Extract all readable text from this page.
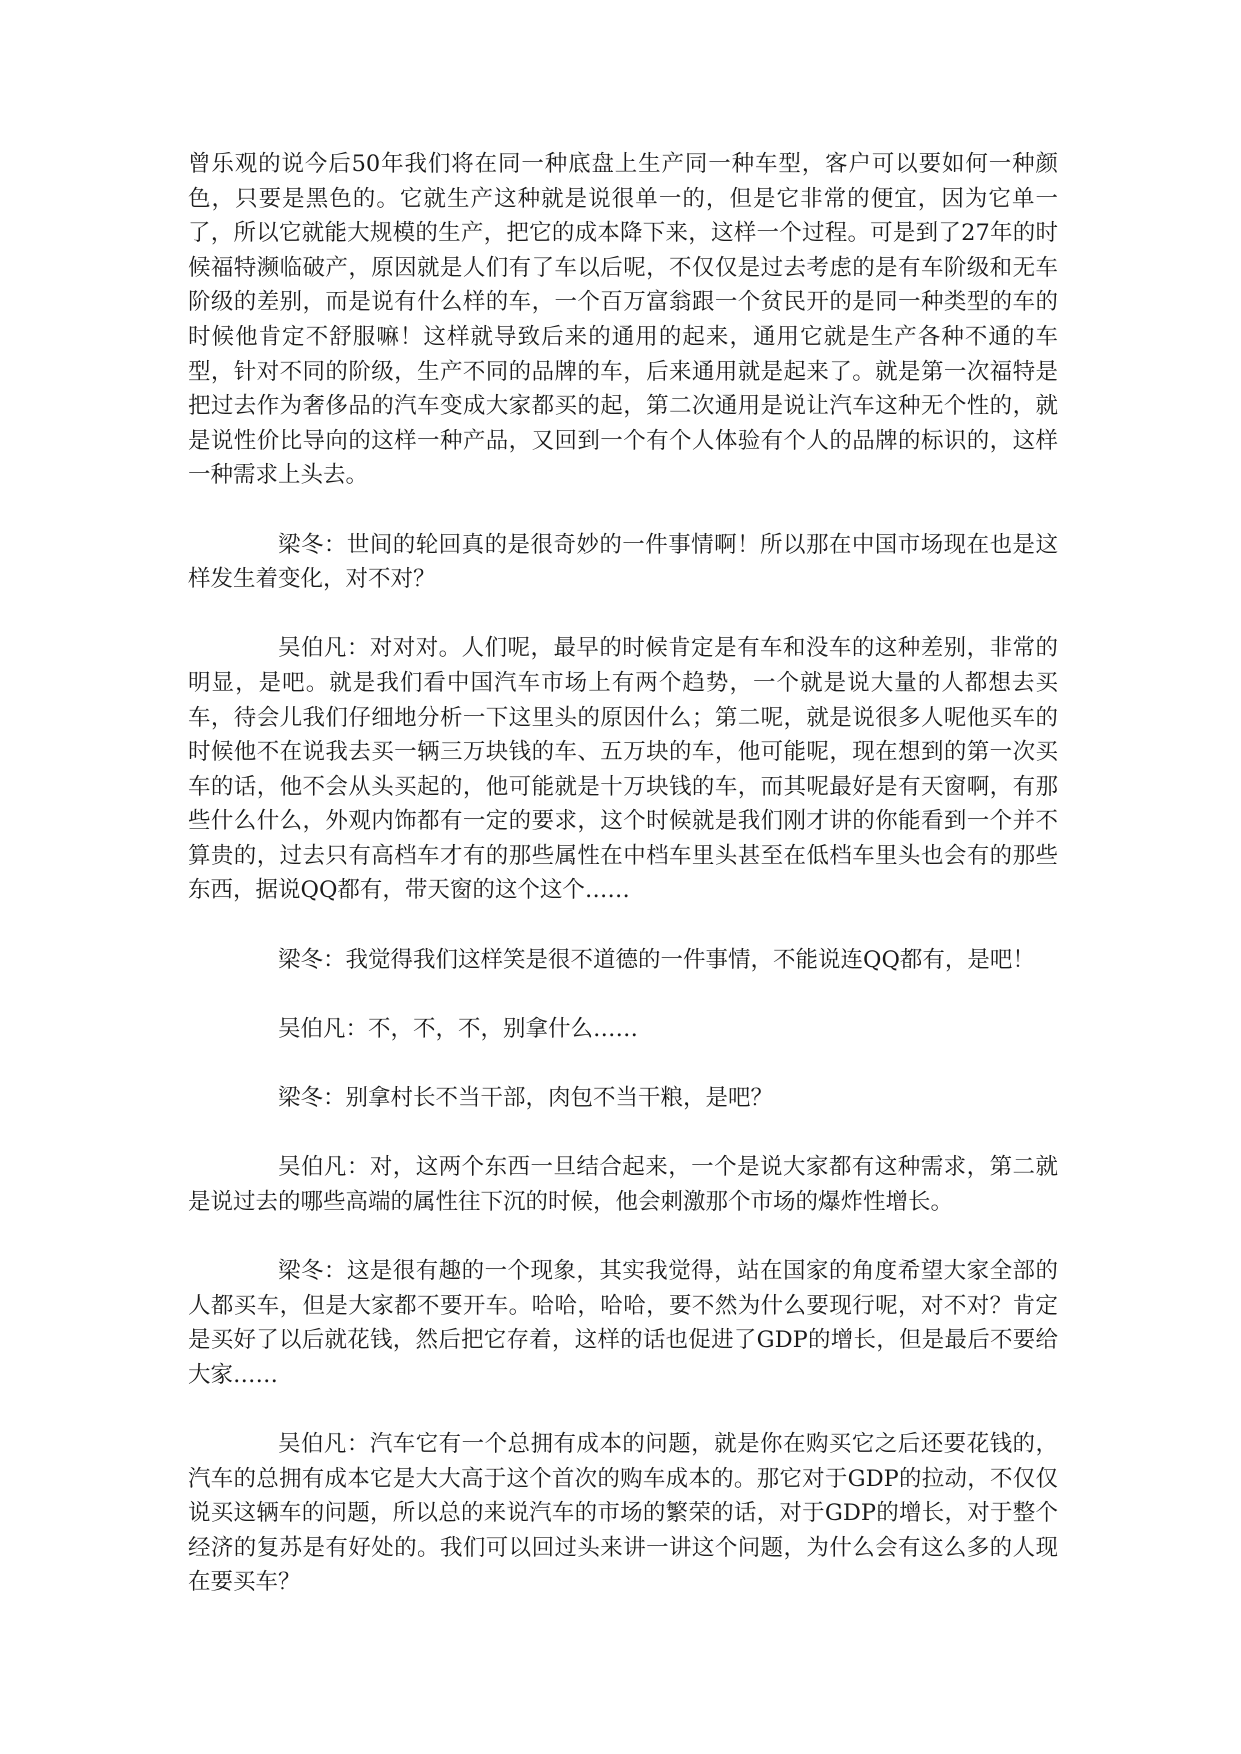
曾乐观的说今后50年我们将在同一种底盘上生产同一种车型，客户可以要如何一种颜色，只要是黑色的。它就生产这种就是说很单一的，但是它非常的便宜，因为它单一了，所以它就能大规模的生产，把它的成本降下来，这样一个过程。可是到了27年的时候福特濒临破产，原因就是人们有了车以后呢，不仅仅是过去考虑的是有车阶级和无车阶级的差别，而是说有什么样的车，一个百万富翁跟一个贫民开的是同一种类型的车的时候他肯定不舒服嘛！这样就导致后来的通用的起来，通用它就是生产各种不通的车型，针对不同的阶级，生产不同的品牌的车，后来通用就是起来了。就是第一次福特是把过去作为奢侈品的汽车变成大家都买的起，第二次通用是说让汽车这种无个性的，就是说性价比导向的这样一种产品，又回到一个有个人体验有个人的品牌的标识的，这样一种需求上头去。

梁冬：世间的轮回真的是很奇妙的一件事情啊！所以那在中国市场现在也是这样发生着变化，对不对？

吴伯凡：对对对。人们呢，最早的时候肯定是有车和没车的这种差别，非常的明显，是吧。就是我们看中国汽车市场上有两个趋势，一个就是说大量的人都想去买车，待会儿我们仔细地分析一下这里头的原因什么；第二呢，就是说很多人呢他买车的时候他不在说我去买一辆三万块钱的车、五万块的车，他可能呢，现在想到的第一次买车的话，他不会从头买起的，他可能就是十万块钱的车，而其呢最好是有天窗啊，有那些什么什么，外观内饰都有一定的要求，这个时候就是我们刚才讲的你能看到一个并不算贵的，过去只有高档车才有的那些属性在中档车里头甚至在低档车里头也会有的那些东西，据说QQ都有，带天窗的这个这个……

梁冬：我觉得我们这样笑是很不道德的一件事情，不能说连QQ都有，是吧！

吴伯凡：不，不，不，别拿什么……

梁冬：别拿村长不当干部，肉包不当干粮，是吧？

吴伯凡：对，这两个东西一旦结合起来，一个是说大家都有这种需求，第二就是说过去的哪些高端的属性往下沉的时候，他会刺激那个市场的爆炸性增长。

梁冬：这是很有趣的一个现象，其实我觉得，站在国家的角度希望大家全部的人都买车，但是大家都不要开车。哈哈，哈哈，要不然为什么要现行呢，对不对？肯定是买好了以后就花钱，然后把它存着，这样的话也促进了GDP的增长，但是最后不要给大家……

吴伯凡：汽车它有一个总拥有成本的问题，就是你在购买它之后还要花钱的，汽车的总拥有成本它是大大高于这个首次的购车成本的。那它对于GDP的拉动，不仅仅说买这辆车的问题，所以总的来说汽车的市场的繁荣的话，对于GDP的增长，对于整个经济的复苏是有好处的。我们可以回过头来讲一讲这个问题，为什么会有这么多的人现在要买车？
